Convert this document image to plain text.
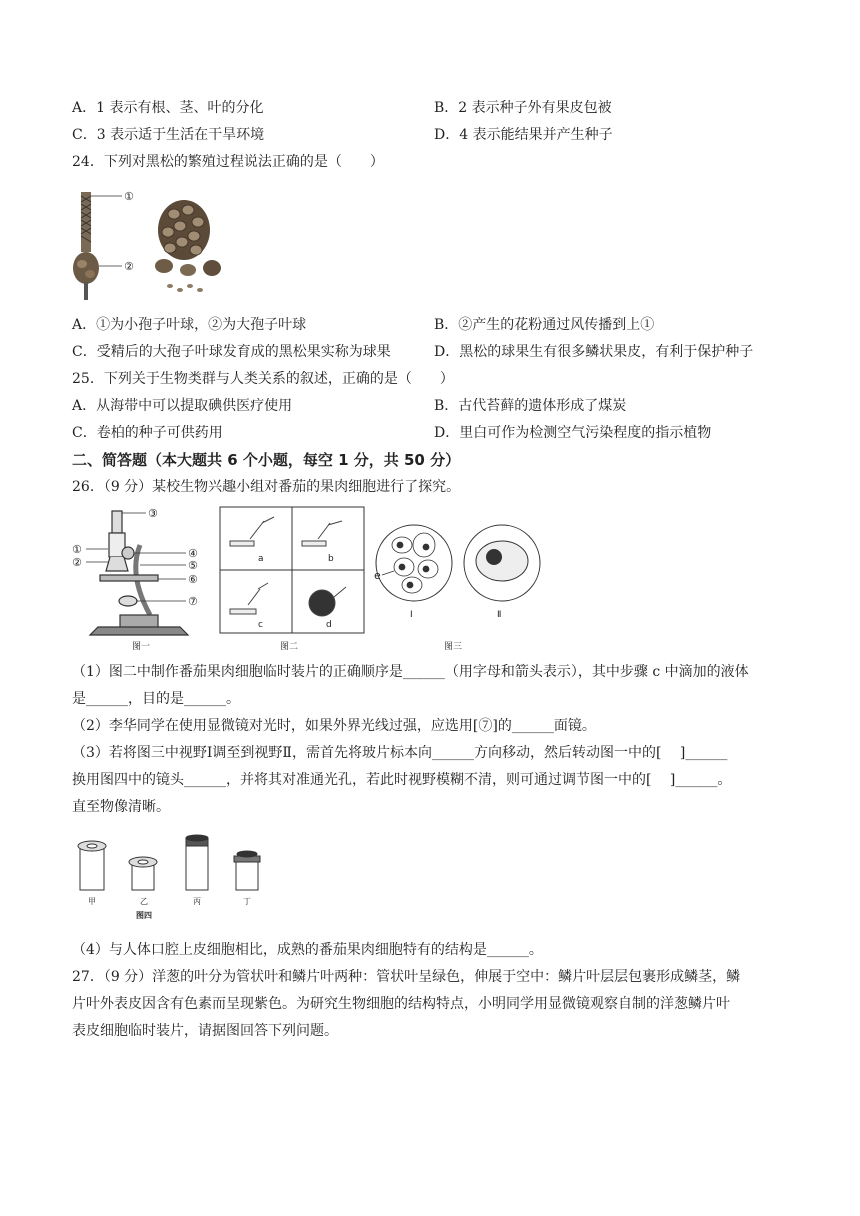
A．1 表示有根、茎、叶的分化	B．2 表示种子外有果皮包被
C．3 表示适于生活在干旱环境	D．4 表示能结果并产生种子
24．下列对黑松的繁殖过程说法正确的是（　　）
①
②
A．①为小孢子叶球，②为大孢子叶球	B．②产生的花粉通过风传播到上①
C．受精后的大孢子叶球发育成的黑松果实称为球果	D．黑松的球果生有很多鳞状果皮，有利于保护种子
25．下列关于生物类群与人类关系的叙述，正确的是（　　）
A．从海带中可以提取碘供医疗使用	B．古代苔藓的遗体形成了煤炭
C．卷柏的种子可供药用	D．里白可作为检测空气污染程度的指示植物
二、简答题（本大题共 6 个小题，每空 1 分，共 50 分）
26．（9 分）某校生物兴趣小组对番茄的果肉细胞进行了探究。
③
①
②
④
⑤
⑥
⑦
图一
a	b
c	d
图二
e
Ⅰ	Ⅱ
图三
（1）图二中制作番茄果肉细胞临时装片的正确顺序是______（用字母和箭头表示），其中步骤 c 中滴加的液体
是______，目的是______。
（2）李华同学在使用显微镜对光时，如果外界光线过强，应选用[⑦]的______面镜。
（3）若将图三中视野Ⅰ调至到视野Ⅱ，需首先将玻片标本向______方向移动，然后转动图一中的[　 ]______
换用图四中的镜头______，并将其对准通光孔，若此时视野模糊不清，则可通过调节图一中的[　 ]______。
直至物像清晰。
甲	乙	丙	丁
图四
（4）与人体口腔上皮细胞相比，成熟的番茄果肉细胞特有的结构是______。
27．（9 分）洋葱的叶分为管状叶和鳞片叶两种：管状叶呈绿色，伸展于空中：鳞片叶层层包裹形成鳞茎，鳞
片叶外表皮因含有色素而呈现紫色。为研究生物细胞的结构特点，小明同学用显微镜观察自制的洋葱鳞片叶
表皮细胞临时装片，请据图回答下列问题。
